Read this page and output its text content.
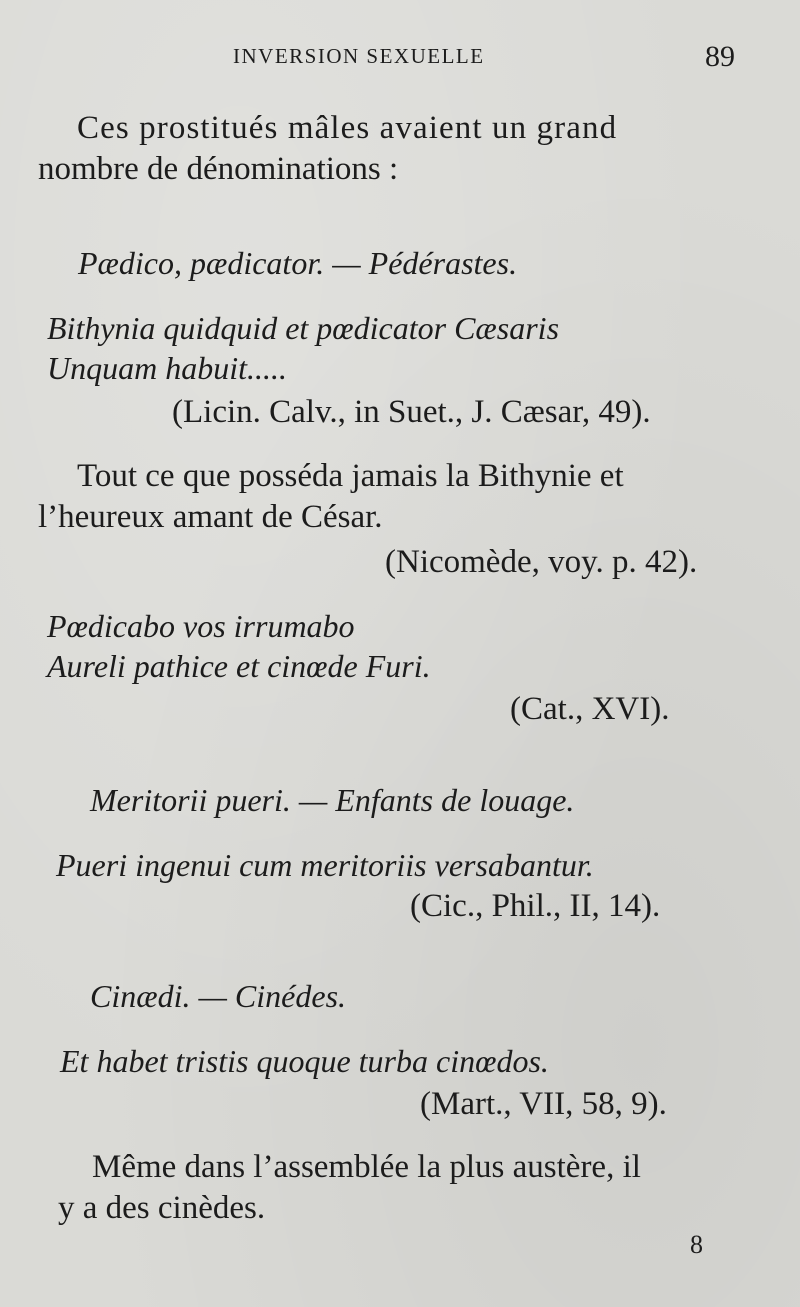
INVERSION SEXUELLE	89
Ces prostitués mâles avaient un grand
nombre de dénominations :
Pædico, pædicator. — Pédérastes.
Bithynia quidquid et pœdicator Cæsaris
Unquam habuit.....
(Licin. Calv., in Suet., J. Cæsar, 49).
Tout ce que posséda jamais la Bithynie et
l’heureux amant de César.
(Nicomède, voy. p. 42).
Pœdicabo vos irrumabo
Aureli pathice et cinœde Furi.
(Cat., XVI).
Meritorii pueri. — Enfants de louage.
Pueri ingenui cum meritoriis versabantur.
(Cic., Phil., II, 14).
Cinædi. — Cinédes.
Et habet tristis quoque turba cinœdos.
(Mart., VII, 58, 9).
Même dans l’assemblée la plus austère, il
y a des cinèdes.
8
